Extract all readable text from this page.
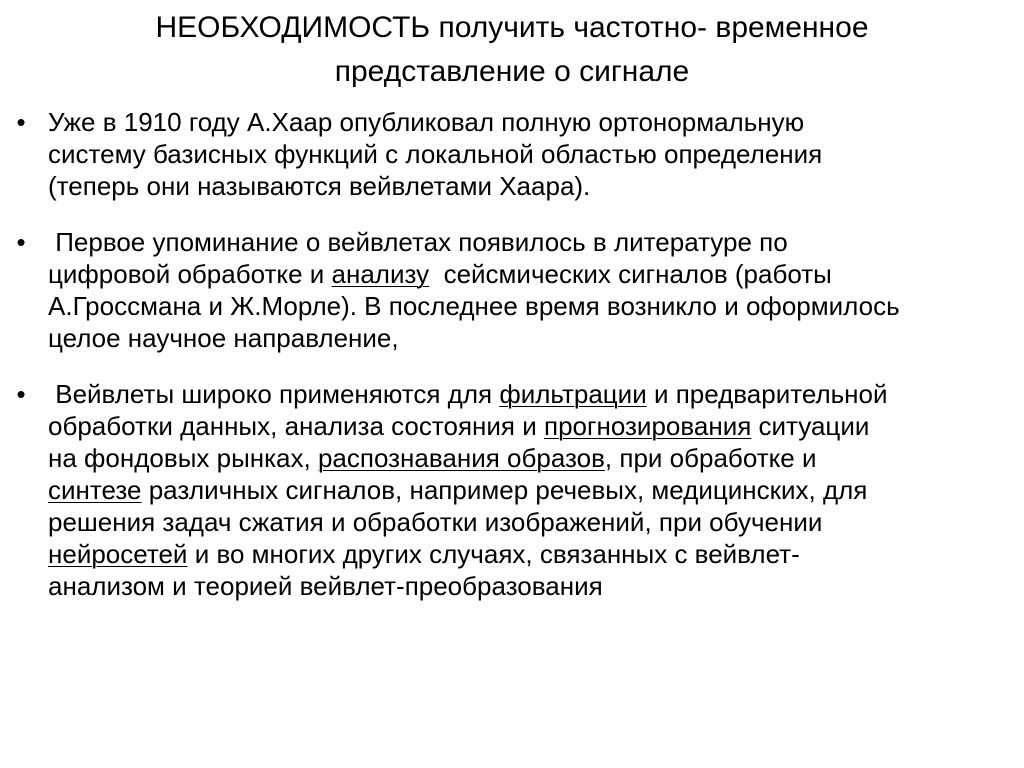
НЕОБХОДИМОСТЬ получить частотно- временное
представление о сигнале
• Уже в 1910 году А.Хаар опубликовал полную ортонормальную
систему базисных функций с локальной областью определения
(теперь они называются вейвлетами Хаара).
• Первое упоминание о вейвлетах появилось в литературе по
цифровой обработке и анализу  сейсмических сигналов (работы
А.Гроссмана и Ж.Морле). В последнее время возникло и оформилось
целое научное направление,
• Вейвлеты широко применяются для фильтрации и предварительной
обработки данных, анализа состояния и прогнозирования ситуации
на фондовых рынках, распознавания образов, при обработке и
синтезе различных сигналов, например речевых, медицинских, для
решения задач сжатия и обработки изображений, при обучении
нейросетей и во многих других случаях, связанных с вейвлет-
анализом и теорией вейвлет-преобразования
